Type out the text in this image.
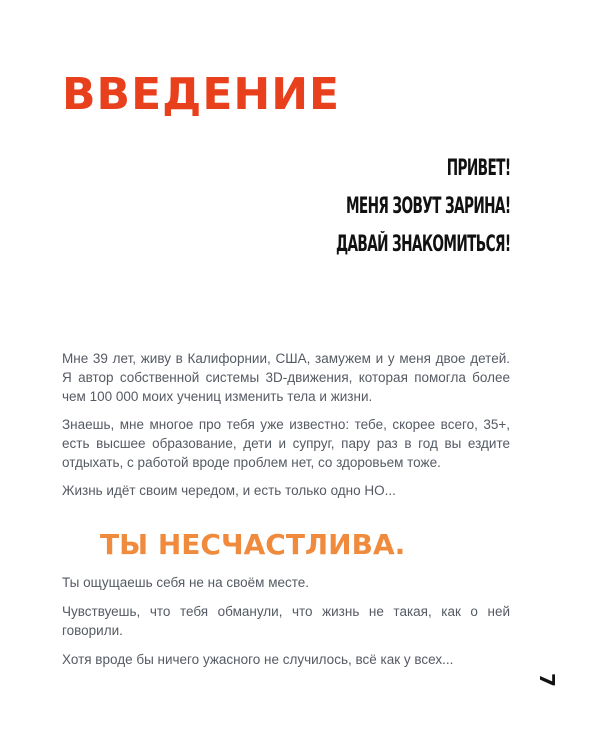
ВВЕДЕНИЕ
ПРИВЕТ!
МЕНЯ ЗОВУТ ЗАРИНА!
ДАВАЙ ЗНАКОМИТЬСЯ!

Мне 39 лет, живу в Калифорнии, США, замужем и у меня двое детей. Я автор собственной системы 3D-движения, которая помогла более чем 100 000 моих учениц изменить тела и жизни.

Знаешь, мне многое про тебя уже известно: тебе, скорее всего, 35+, есть высшее образование, дети и супруг, пару раз в год вы ездите отдыхать, с работой вроде проблем нет, со здоровьем тоже.

Жизнь идёт своим чередом, и есть только одно НО...

ТЫ НЕСЧАСТЛИВА.

Ты ощущаешь себя не на своём месте.

Чувствуешь, что тебя обманули, что жизнь не такая, как о ней говорили.

Хотя вроде бы ничего ужасного не случилось, всё как у всех...

7
